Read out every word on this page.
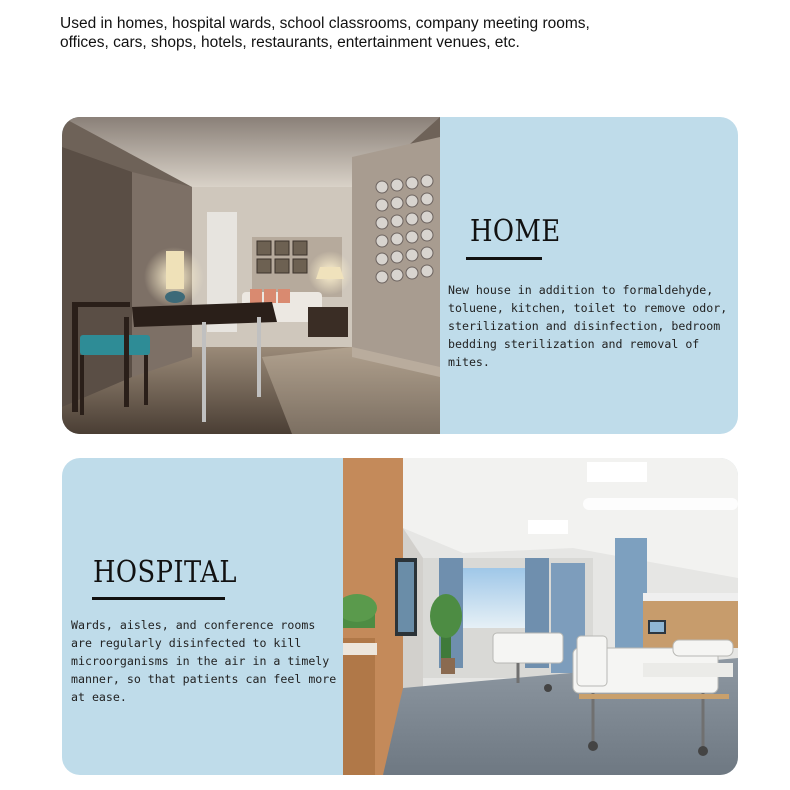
Used in homes, hospital wards, school classrooms, company meeting rooms,
offices, cars, shops, hotels, restaurants, entertainment venues, etc.
HOME
New house in addition to formaldehyde,
toluene, kitchen, toilet to remove odor,
sterilization and disinfection, bedroom
bedding sterilization and removal of
mites.
HOSPITAL
Wards, aisles, and conference rooms
are regularly disinfected to kill
microorganisms in the air in a timely
manner, so that patients can feel more
at ease.
